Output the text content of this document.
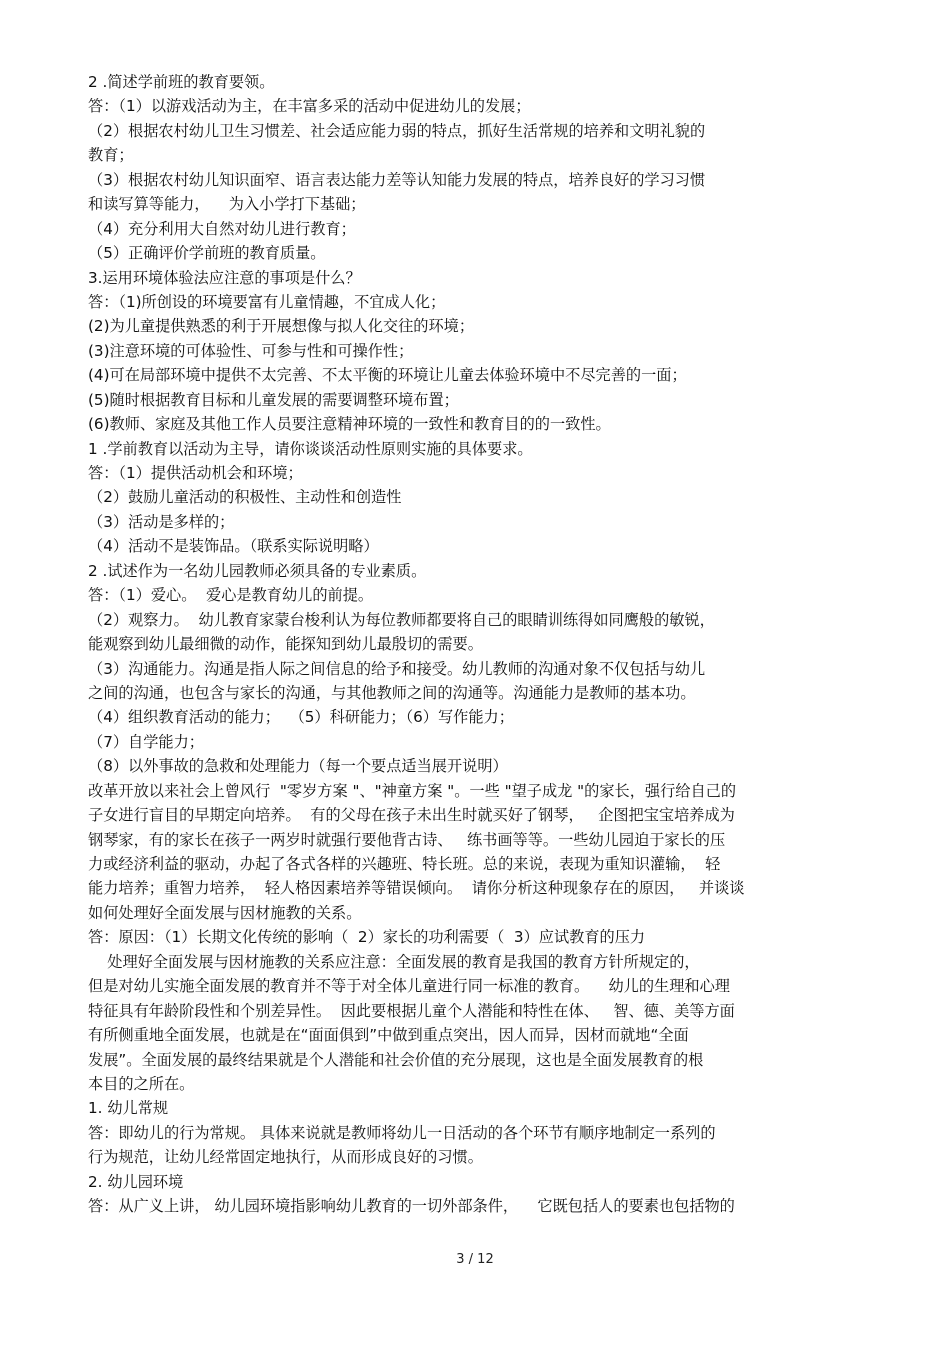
2 .简述学前班的教育要领。
答：（1）以游戏活动为主，在丰富多采的活动中促进幼儿的发展；
（2）根据农村幼儿卫生习惯差、社会适应能力弱的特点，抓好生活常规的培养和文明礼貌的
教育；
（3）根据农村幼儿知识面窄、语言表达能力差等认知能力发展的特点，培养良好的学习习惯
和读写算等能力，    为入小学打下基础；
（4）充分利用大自然对幼儿进行教育；
（5）正确评价学前班的教育质量。
3.运用环境体验法应注意的事项是什么？
答：（1)所创设的环境要富有儿童情趣，不宜成人化；
(2)为儿童提供熟悉的利于开展想像与拟人化交往的环境；
(3)注意环境的可体验性、可参与性和可操作性；
(4)可在局部环境中提供不太完善、不太平衡的环境让儿童去体验环境中不尽完善的一面；
(5)随时根据教育目标和儿童发展的需要调整环境布置；
(6)教师、家庭及其他工作人员要注意精神环境的一致性和教育目的的一致性。
1 .学前教育以活动为主导，请你谈谈活动性原则实施的具体要求。
答：（1）提供活动机会和环境；
（2）鼓励儿童活动的积极性、主动性和创造性
（3）活动是多样的；
（4）活动不是装饰品。（联系实际说明略）
2 .试述作为一名幼儿园教师必须具备的专业素质。
答：（1）爱心。  爱心是教育幼儿的前提。
（2）观察力。  幼儿教育家蒙台梭利认为每位教师都要将自己的眼睛训练得如同鹰般的敏锐，
能观察到幼儿最细微的动作，能探知到幼儿最殷切的需要。
（3）沟通能力。沟通是指人际之间信息的给予和接受。幼儿教师的沟通对象不仅包括与幼儿
之间的沟通，也包含与家长的沟通，与其他教师之间的沟通等。沟通能力是教师的基本功。
（4）组织教育活动的能力；  （5）科研能力；（6）写作能力；
（7）自学能力；
（8）以外事故的急救和处理能力（每一个要点适当展开说明）
改革开放以来社会上曾风行  "零岁方案 "、"神童方案 "。一些 "望子成龙 "的家长，强行给自己的
子女进行盲目的早期定向培养。  有的父母在孩子未出生时就买好了钢琴，   企图把宝宝培养成为
钢琴家，有的家长在孩子一两岁时就强行要他背古诗、   练书画等等。一些幼儿园迫于家长的压
力或经济利益的驱动，办起了各式各样的兴趣班、特长班。总的来说，表现为重知识灌输，  轻
能力培养；重智力培养，  轻人格因素培养等错误倾向。  请你分析这种现象存在的原因，   并谈谈
如何处理好全面发展与因材施教的关系。
答：原因：（1）长期文化传统的影响（  2）家长的功利需要（  3）应试教育的压力
处理好全面发展与因材施教的关系应注意：全面发展的教育是我国的教育方针所规定的，
但是对幼儿实施全面发展的教育并不等于对全体儿童进行同一标准的教育。    幼儿的生理和心理
特征具有年龄阶段性和个别差异性。  因此要根据儿童个人潜能和特性在体、   智、德、美等方面
有所侧重地全面发展，也就是在“面面俱到”中做到重点突出，因人而异，因材而就地“全面
发展”。全面发展的最终结果就是个人潜能和社会价值的充分展现，这也是全面发展教育的根
本目的之所在。
1. 幼儿常规
答：即幼儿的行为常规。 具体来说就是教师将幼儿一日活动的各个环节有顺序地制定一系列的
行为规范，让幼儿经常固定地执行，从而形成良好的习惯。
2. 幼儿园环境
答：从广义上讲， 幼儿园环境指影响幼儿教育的一切外部条件，    它既包括人的要素也包括物的
3 / 12
